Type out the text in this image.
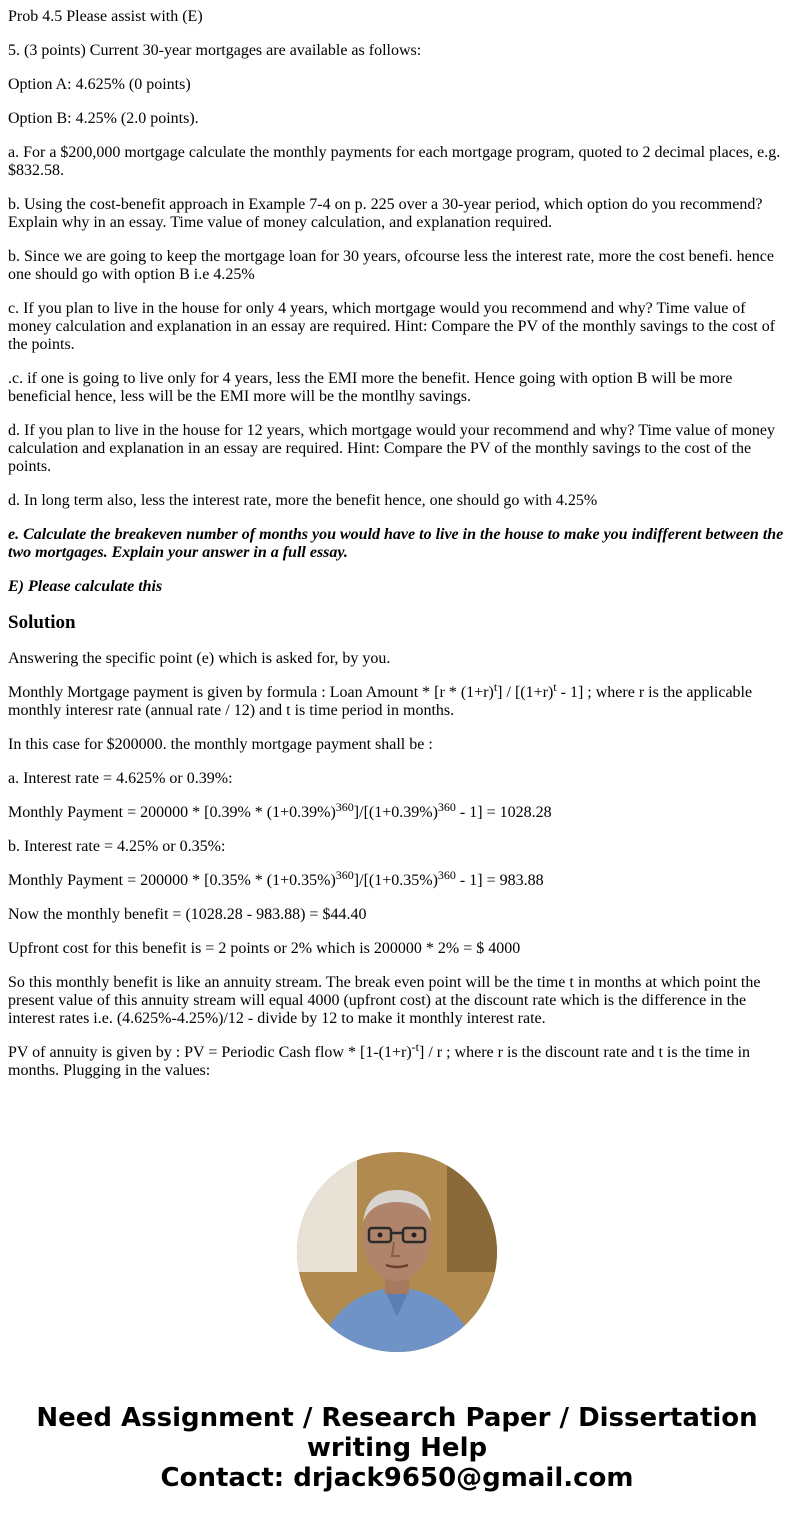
Prob 4.5 Please assist with (E)

5. (3 points) Current 30-year mortgages are available as follows:

Option A: 4.625% (0 points)

Option B: 4.25% (2.0 points).

a. For a $200,000 mortgage calculate the monthly payments for each mortgage program, quoted to 2 decimal places, e.g. $832.58.

b. Using the cost-benefit approach in Example 7-4 on p. 225 over a 30-year period, which option do you recommend? Explain why in an essay. Time value of money calculation, and explanation required.

b. Since we are going to keep the mortgage loan for 30 years, ofcourse less the interest rate, more the cost benefi. hence one should go with option B i.e 4.25%

c. If you plan to live in the house for only 4 years, which mortgage would you recommend and why? Time value of money calculation and explanation in an essay are required. Hint: Compare the PV of the monthly savings to the cost of the points.

.c. if one is going to live only for 4 years, less the EMI more the benefit. Hence going with option B will be more beneficial hence, less will be the EMI more will be the montlhy savings.

d. If you plan to live in the house for 12 years, which mortgage would your recommend and why? Time value of money calculation and explanation in an essay are required. Hint: Compare the PV of the monthly savings to the cost of the points.

d. In long term also, less the interest rate, more the benefit hence, one should go with 4.25%

e. Calculate the breakeven number of months you would have to live in the house to make you indifferent between the two mortgages. Explain your answer in a full essay.

E) Please calculate this

Solution

Answering the specific point (e) which is asked for, by you.

Monthly Mortgage payment is given by formula : Loan Amount * $[r * (1+r)^t] / [(1+r)^t - 1]$ ; where r is the applicable monthly interesr rate (annual rate / 12) and t is time period in months.

In this case for $200000. the monthly mortgage payment shall be :

a. Interest rate = 4.625% or 0.39%:

Monthly Payment = $200000 * [0.39\% * (1+0.39\%)^{360}]/[(1+0.39\%)^{360} - 1] = 1028.28$

b. Interest rate = 4.25% or 0.35%:

Monthly Payment = $200000 * [0.35\% * (1+0.35\%)^{360}]/[(1+0.35\%)^{360} - 1] = 983.88$

Now the monthly benefit = (1028.28 - 983.88) = $44.40

Upfront cost for this benefit is = 2 points or 2% which is 200000 * 2% = $ 4000

So this monthly benefit is like an annuity stream. The break even point will be the time t in months at which point the present value of this annuity stream will equal 4000 (upfront cost) at the discount rate which is the difference in the interest rates i.e. (4.625%-4.25%)/12 - divide by 12 to make it monthly interest rate.

PV of annuity is given by : PV = Periodic Cash flow * $[1-(1+r)^{-t}] / r$ ; where r is the discount rate and t is the time in months. Plugging in the values:

Need Assignment / Research Paper / Dissertation
writing Help
Contact: drjack9650@gmail.com
